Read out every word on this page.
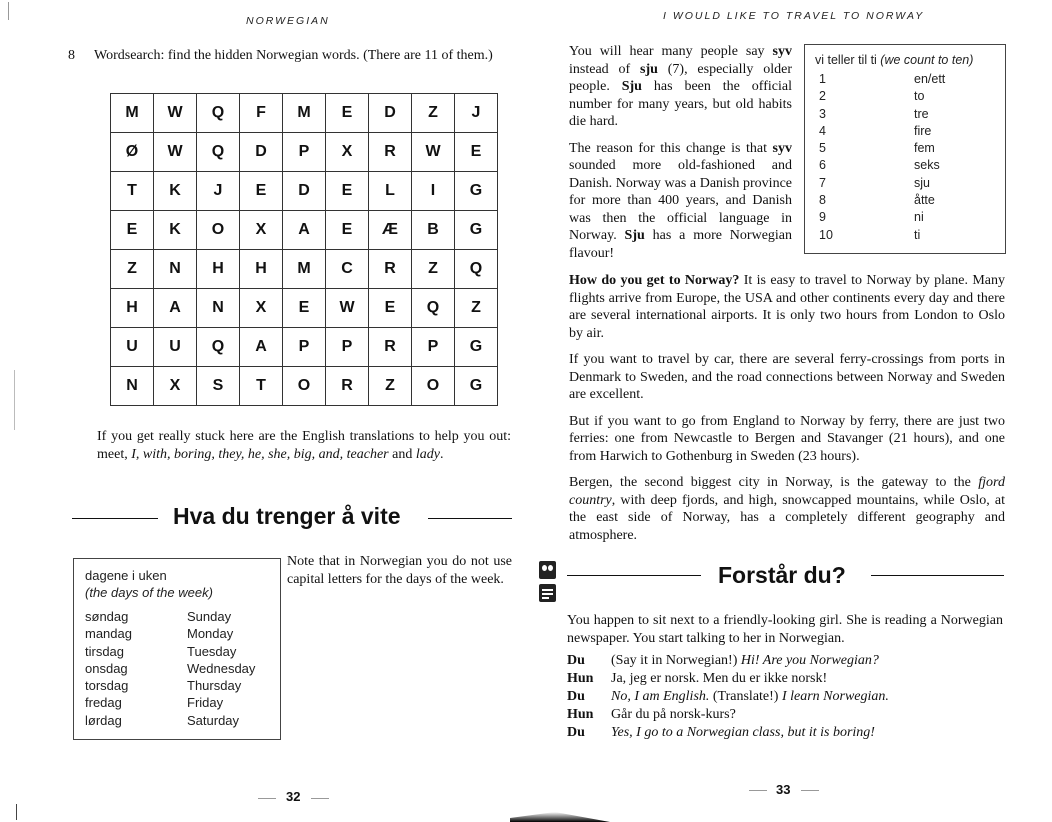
NORWEGIAN	I WOULD LIKE TO TRAVEL TO NORWAY
8 Wordsearch: find the hidden Norwegian words. (There are 11 of them.)
M	W	Q	F	M	E	D	Z	J
Ø	W	Q	D	P	X	R	W	E
T	K	J	E	D	E	L	I	G
E	K	O	X	A	E	Æ	B	G
Z	N	H	H	M	C	R	Z	Q
H	A	N	X	E	W	E	Q	Z
U	U	Q	A	P	P	R	P	G
N	X	S	T	O	R	Z	O	G

If you get really stuck here are the English translations to help you out: meet, I, with, boring, they, he, she, big, and, teacher and lady.

Hva du trenger å vite
dagene i uken
(the days of the week)
søndag	Sunday
mandag	Monday
tirsdag	Tuesday
onsdag	Wednesday
torsdag	Thursday
fredag	Friday
lørdag	Saturday

Note that in Norwegian you do not use capital letters for the days of the week.

32

You will hear many people say syv instead of sju (7), especially older people. Sju has been the official number for many years, but old habits die hard.

The reason for this change is that syv sounded more old-fashioned and Danish. Norway was a Danish province for more than 400 years, and Danish was then the official language in Norway. Sju has a more Norwegian flavour!

vi teller til ti (we count to ten)
1	en/ett
2	to
3	tre
4	fire
5	fem
6	seks
7	sju
8	åtte
9	ni
10	ti

How do you get to Norway? It is easy to travel to Norway by plane. Many flights arrive from Europe, the USA and other continents every day and there are several international airports. It is only two hours from London to Oslo by air.

If you want to travel by car, there are several ferry-crossings from ports in Denmark to Sweden, and the road connections between Norway and Sweden are excellent.

But if you want to go from England to Norway by ferry, there are just two ferries: one from Newcastle to Bergen and Stavanger (21 hours), and one from Harwich to Gothenburg in Sweden (23 hours).

Bergen, the second biggest city in Norway, is the gateway to the fjord country, with deep fjords, and high, snowcapped mountains, while Oslo, at the east side of Norway, has a completely different geography and atmosphere.

Forstår du?

You happen to sit next to a friendly-looking girl. She is reading a Norwegian newspaper. You start talking to her in Norwegian.

Du	(Say it in Norwegian!) Hi! Are you Norwegian?
Hun	Ja, jeg er norsk. Men du er ikke norsk!
Du	No, I am English. (Translate!) I learn Norwegian.
Hun	Går du på norsk-kurs?
Du	Yes, I go to a Norwegian class, but it is boring!
33
